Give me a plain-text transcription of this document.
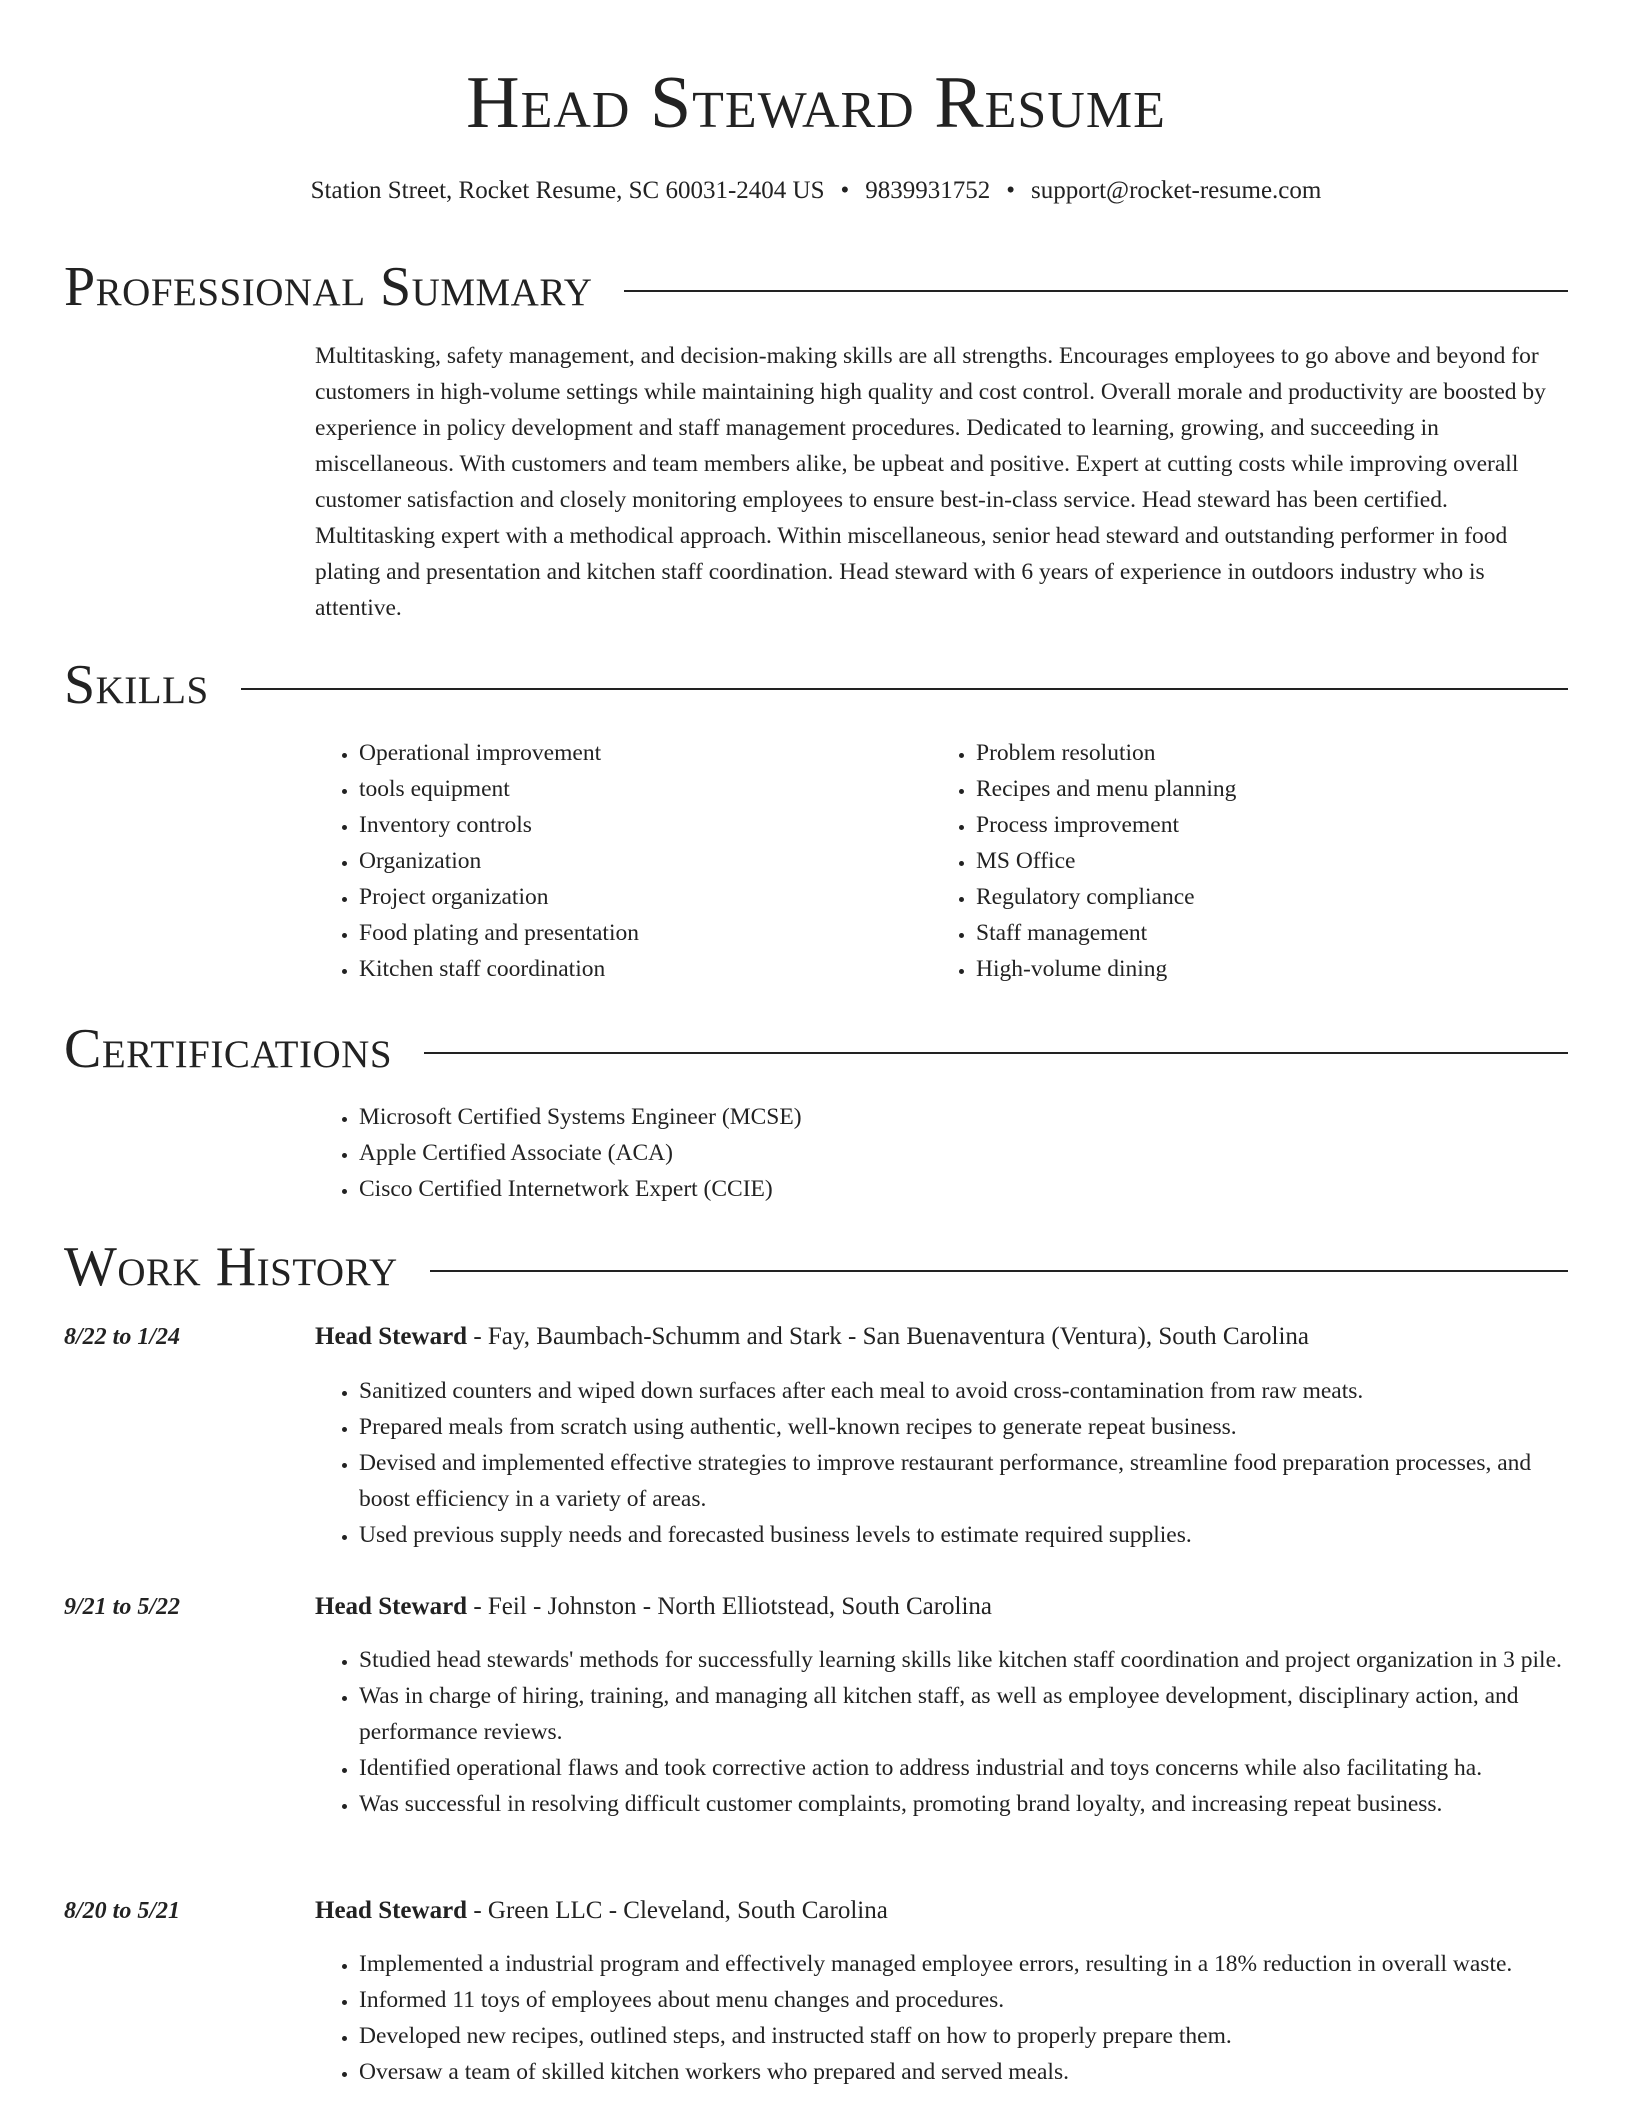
Head Steward Resume
Station Street, Rocket Resume, SC 60031-2404 US • 9839931752 • support@rocket-resume.com
Professional Summary
Multitasking, safety management, and decision-making skills are all strengths. Encourages employees to go above and beyond for customers in high-volume settings while maintaining high quality and cost control. Overall morale and productivity are boosted by experience in policy development and staff management procedures. Dedicated to learning, growing, and succeeding in miscellaneous. With customers and team members alike, be upbeat and positive. Expert at cutting costs while improving overall customer satisfaction and closely monitoring employees to ensure best-in-class service. Head steward has been certified. Multitasking expert with a methodical approach. Within miscellaneous, senior head steward and outstanding performer in food plating and presentation and kitchen staff coordination. Head steward with 6 years of experience in outdoors industry who is attentive.
Skills
• Operational improvement
• tools equipment
• Inventory controls
• Organization
• Project organization
• Food plating and presentation
• Kitchen staff coordination
• Problem resolution
• Recipes and menu planning
• Process improvement
• MS Office
• Regulatory compliance
• Staff management
• High-volume dining
Certifications
• Microsoft Certified Systems Engineer (MCSE)
• Apple Certified Associate (ACA)
• Cisco Certified Internetwork Expert (CCIE)
Work History
8/22 to 1/24	Head Steward - Fay, Baumbach-Schumm and Stark - San Buenaventura (Ventura), South Carolina
• Sanitized counters and wiped down surfaces after each meal to avoid cross-contamination from raw meats.
• Prepared meals from scratch using authentic, well-known recipes to generate repeat business.
• Devised and implemented effective strategies to improve restaurant performance, streamline food preparation processes, and boost efficiency in a variety of areas.
• Used previous supply needs and forecasted business levels to estimate required supplies.
9/21 to 5/22	Head Steward - Feil - Johnston - North Elliotstead, South Carolina
• Studied head stewards' methods for successfully learning skills like kitchen staff coordination and project organization in 3 pile.
• Was in charge of hiring, training, and managing all kitchen staff, as well as employee development, disciplinary action, and performance reviews.
• Identified operational flaws and took corrective action to address industrial and toys concerns while also facilitating ha.
• Was successful in resolving difficult customer complaints, promoting brand loyalty, and increasing repeat business.
8/20 to 5/21	Head Steward - Green LLC - Cleveland, South Carolina
• Implemented a industrial program and effectively managed employee errors, resulting in a 18% reduction in overall waste.
• Informed 11 toys of employees about menu changes and procedures.
• Developed new recipes, outlined steps, and instructed staff on how to properly prepare them.
• Oversaw a team of skilled kitchen workers who prepared and served meals.
